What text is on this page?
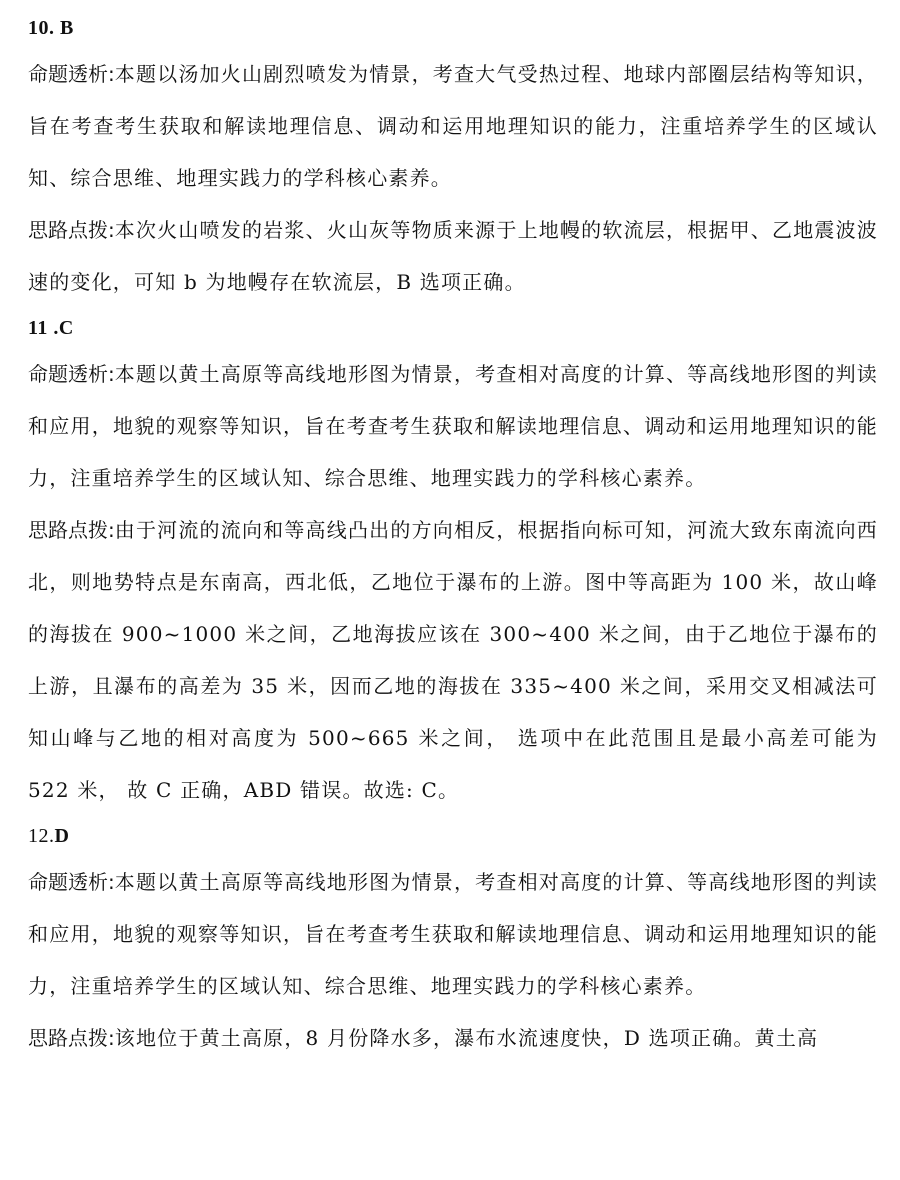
10. B

命题透析:本题以汤加火山剧烈喷发为情景，考查大气受热过程、地球内部圈层结构等知识，旨在考查考生获取和解读地理信息、调动和运用地理知识的能力，注重培养学生的区域认知、综合思维、地理实践力的学科核心素养。

思路点拨:本次火山喷发的岩浆、火山灰等物质来源于上地幔的软流层，根据甲、乙地震波波速的变化，可知 b 为地幔存在软流层，B 选项正确。

11 .C

命题透析:本题以黄土高原等高线地形图为情景，考查相对高度的计算、等高线地形图的判读和应用，地貌的观察等知识，旨在考查考生获取和解读地理信息、调动和运用地理知识的能力，注重培养学生的区域认知、综合思维、地理实践力的学科核心素养。

思路点拨:由于河流的流向和等高线凸出的方向相反，根据指向标可知，河流大致东南流向西北，则地势特点是东南高，西北低，乙地位于瀑布的上游。图中等高距为 100 米，故山峰的海拔在 900~1000 米之间，乙地海拔应该在 300~400 米之间，由于乙地位于瀑布的上游，且瀑布的高差为 35 米，因而乙地的海拔在 335~400 米之间，采用交叉相减法可知山峰与乙地的相对高度为 500~665 米之间， 选项中在此范围且是最小高差可能为 522 米， 故 C 正确，ABD 错误。故选: C。

12.D

命题透析:本题以黄土高原等高线地形图为情景，考查相对高度的计算、等高线地形图的判读和应用，地貌的观察等知识，旨在考查考生获取和解读地理信息、调动和运用地理知识的能力，注重培养学生的区域认知、综合思维、地理实践力的学科核心素养。

思路点拨:该地位于黄土高原，8 月份降水多，瀑布水流速度快，D 选项正确。黄土高
